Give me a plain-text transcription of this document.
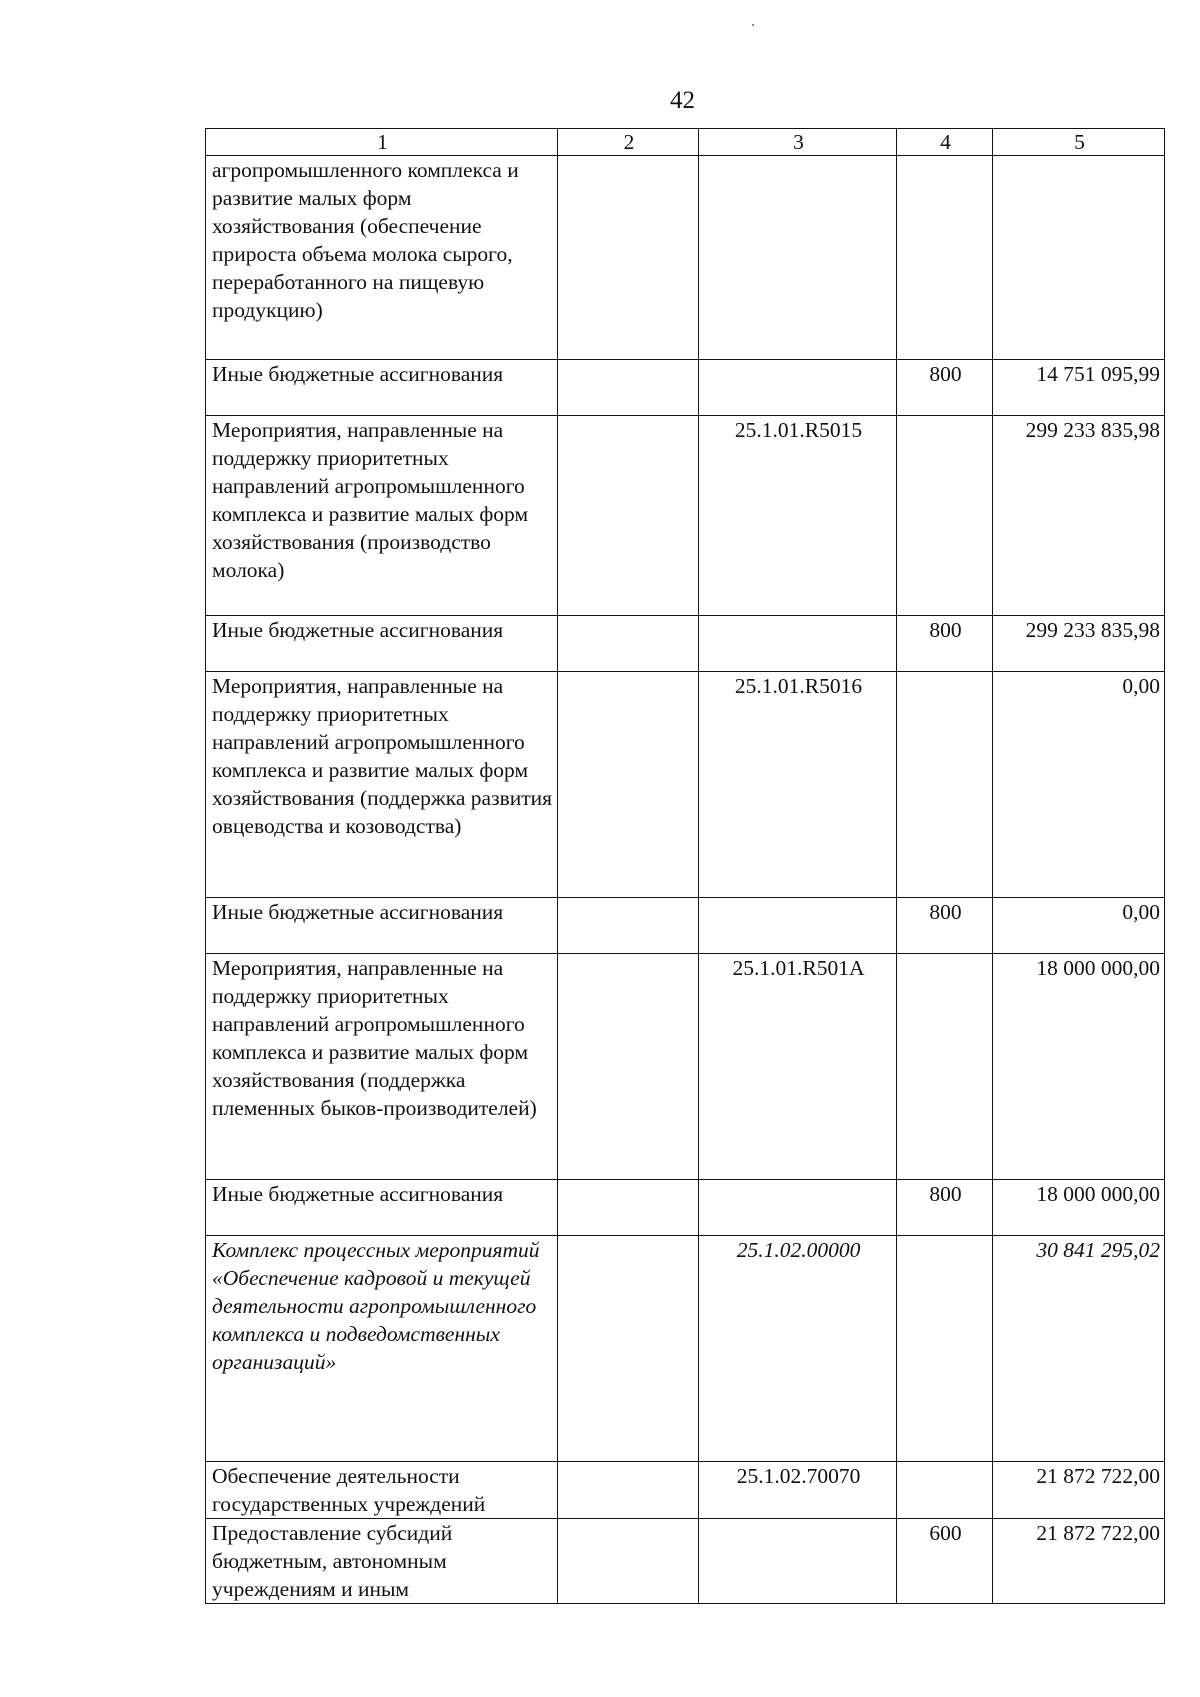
42
1	2	3	4	5
агропромышленного комплекса и развитие малых форм хозяйствования (обеспечение прироста объема молока сырого, переработанного на пищевую продукцию)				
Иные бюджетные ассигнования			800	14 751 095,99
Мероприятия, направленные на поддержку приоритетных направлений агропромышленного комплекса и развитие малых форм хозяйствования (производство молока)		25.1.01.R5015		299 233 835,98
Иные бюджетные ассигнования			800	299 233 835,98
Мероприятия, направленные на поддержку приоритетных направлений агропромышленного комплекса и развитие малых форм хозяйствования (поддержка развития овцеводства и козоводства)		25.1.01.R5016		0,00
Иные бюджетные ассигнования			800	0,00
Мероприятия, направленные на поддержку приоритетных направлений агропромышленного комплекса и развитие малых форм хозяйствования (поддержка племенных быков-производителей)		25.1.01.R501A		18 000 000,00
Иные бюджетные ассигнования			800	18 000 000,00
Комплекс процессных мероприятий «Обеспечение кадровой и текущей деятельности агропромышленного комплекса и подведомственных организаций»		25.1.02.00000		30 841 295,02
Обеспечение деятельности государственных учреждений		25.1.02.70070		21 872 722,00
Предоставление субсидий бюджетным, автономным учреждениям и иным			600	21 872 722,00
